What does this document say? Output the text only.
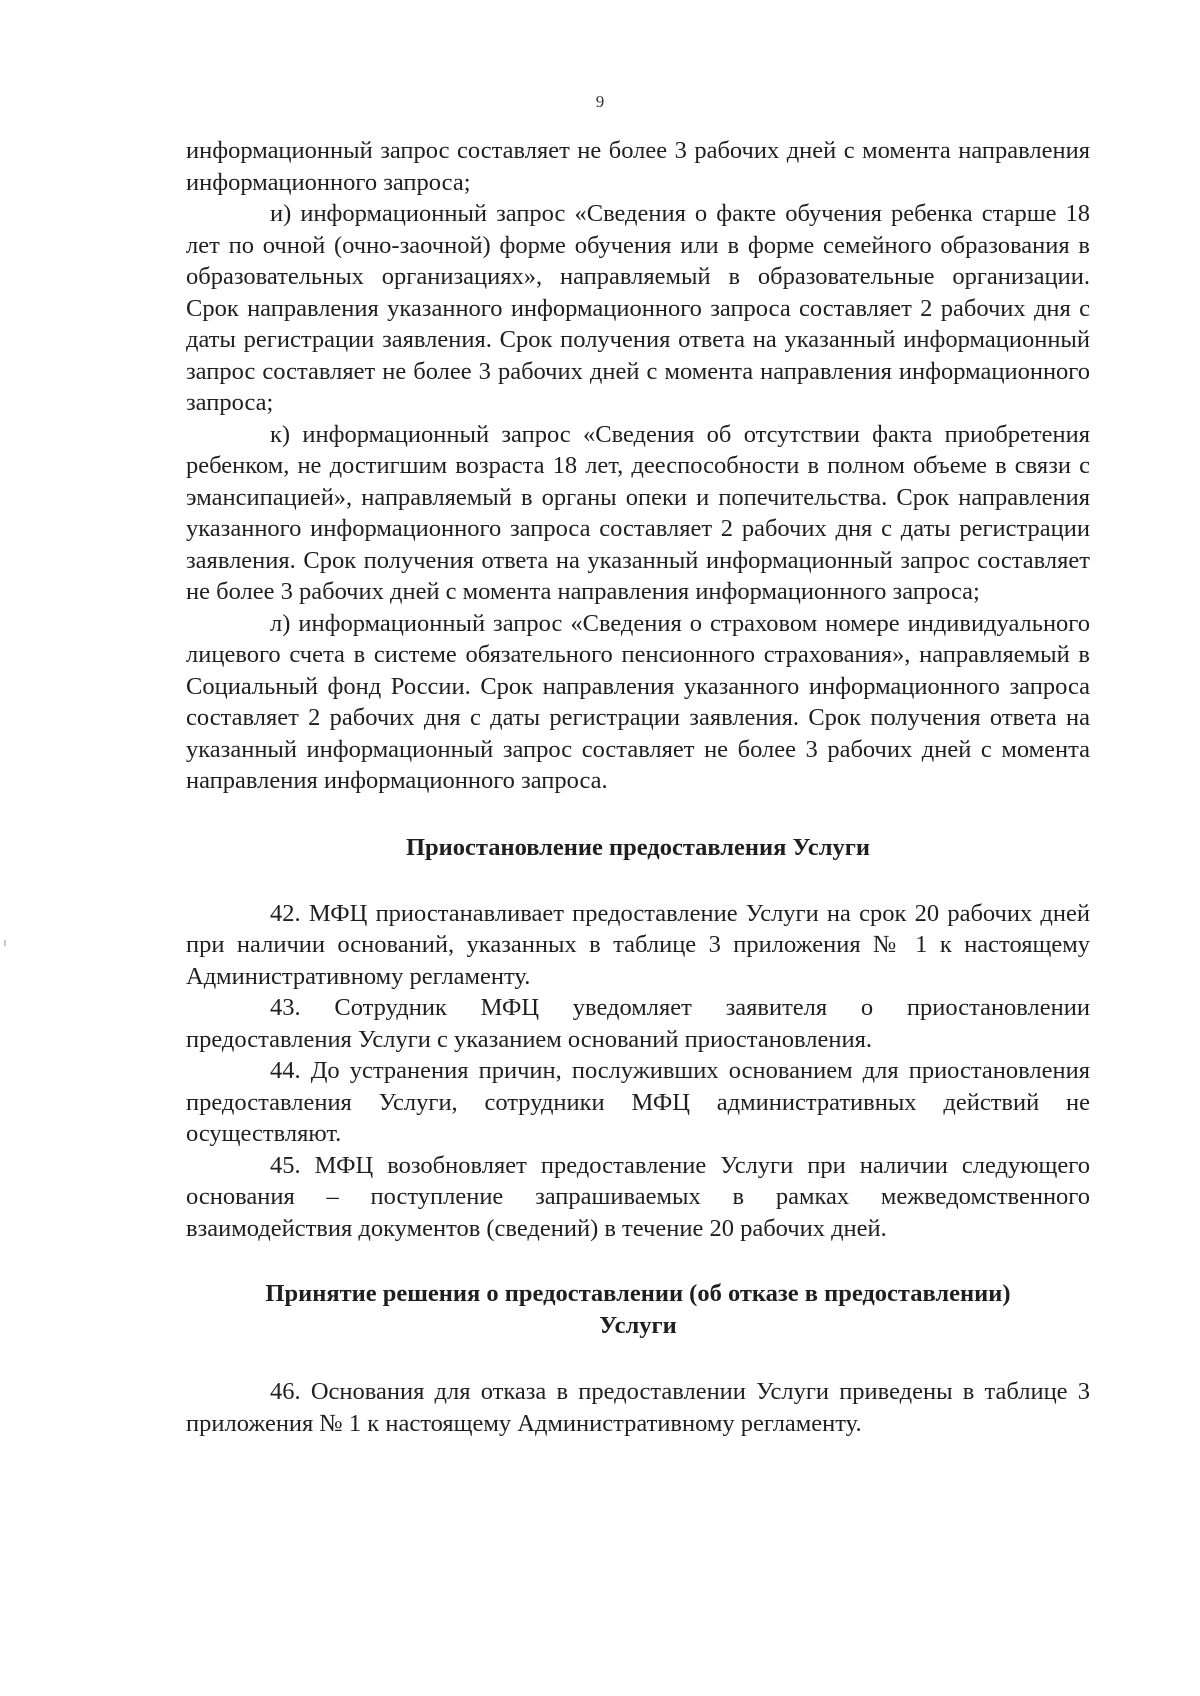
9

информационный запрос составляет не более 3 рабочих дней с момента направления информационного запроса;

и) информационный запрос «Сведения о факте обучения ребенка старше 18 лет по очной (очно-заочной) форме обучения или в форме семейного образования в образовательных организациях», направляемый в образовательные организации. Срок направления указанного информационного запроса составляет 2 рабочих дня с даты регистрации заявления. Срок получения ответа на указанный информационный запрос составляет не более 3 рабочих дней с момента направления информационного запроса;

к) информационный запрос «Сведения об отсутствии факта приобретения ребенком, не достигшим возраста 18 лет, дееспособности в полном объеме в связи с эмансипацией», направляемый в органы опеки и попечительства. Срок направления указанного информационного запроса составляет 2 рабочих дня с даты регистрации заявления. Срок получения ответа на указанный информационный запрос составляет не более 3 рабочих дней с момента направления информационного запроса;

л) информационный запрос «Сведения о страховом номере индивидуального лицевого счета в системе обязательного пенсионного страхования», направляемый в Социальный фонд России. Срок направления указанного информационного запроса составляет 2 рабочих дня с даты регистрации заявления. Срок получения ответа на указанный информационный запрос составляет не более 3 рабочих дней с момента направления информационного запроса.

Приостановление предоставления Услуги

42. МФЦ приостанавливает предоставление Услуги на срок 20 рабочих дней при наличии оснований, указанных в таблице 3 приложения № 1 к настоящему Административному регламенту.

43. Сотрудник МФЦ уведомляет заявителя о приостановлении предоставления Услуги с указанием оснований приостановления.

44. До устранения причин, послуживших основанием для приостановления предоставления Услуги, сотрудники МФЦ административных действий не осуществляют.

45. МФЦ возобновляет предоставление Услуги при наличии следующего основания – поступление запрашиваемых в рамках межведомственного взаимодействия документов (сведений) в течение 20 рабочих дней.

Принятие решения о предоставлении (об отказе в предоставлении)
Услуги

46. Основания для отказа в предоставлении Услуги приведены в таблице 3 приложения № 1 к настоящему Административному регламенту.
